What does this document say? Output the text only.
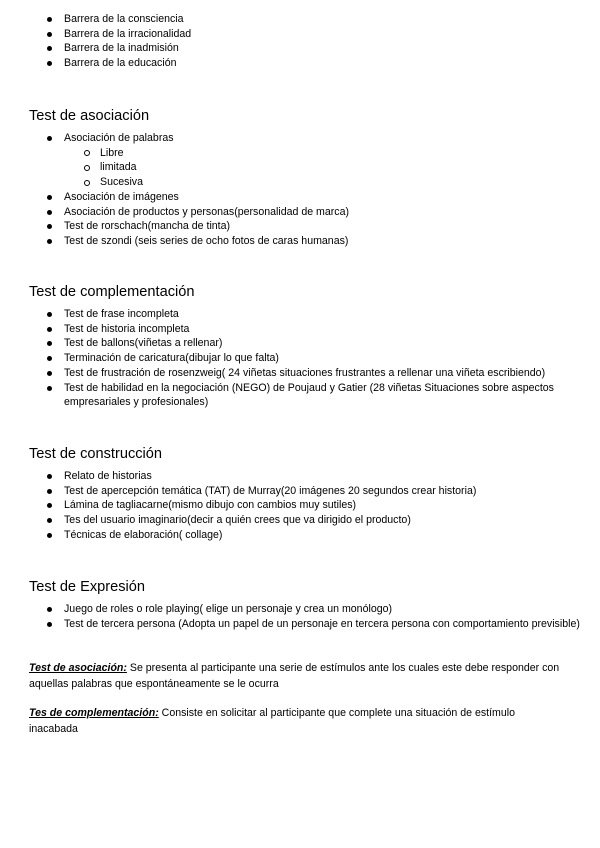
Barrera de la consciencia
Barrera de la irracionalidad
Barrera de la inadmisión
Barrera de la educación
Test de asociación
Asociación de palabras
Libre
limitada
Sucesiva
Asociación de imágenes
Asociación de productos y personas(personalidad de marca)
Test de rorschach(mancha de tinta)
Test de szondi (seis series de ocho fotos de caras humanas)
Test de complementación
Test de frase incompleta
Test de historia incompleta
Test de ballons(viñetas a rellenar)
Terminación de caricatura(dibujar lo que falta)
Test de frustración de rosenzweig( 24 viñetas situaciones frustrantes a rellenar una viñeta escribiendo)
Test de habilidad en la negociación (NEGO) de Poujaud y Gatier (28 viñetas Situaciones sobre aspectos empresariales y profesionales)
Test de construcción
Relato de historias
Test de apercepción temática (TAT) de Murray(20 imágenes 20 segundos crear historia)
Lámina de tagliacarne(mismo dibujo con cambios muy sutiles)
Tes del usuario imaginario(decir a quién crees que va dirigido el producto)
Técnicas de elaboración( collage)
Test de Expresión
Juego de roles o role playing( elige un personaje y crea un monólogo)
Test de tercera persona (Adopta un papel de un personaje en tercera persona con comportamiento previsible)

Test de asociación: Se presenta al participante una serie de estímulos ante los cuales este debe responder con aquellas palabras que espontáneamente se le ocurra

Tes de complementación: Consiste en solicitar al participante que complete una situación de estímulo inacabada
